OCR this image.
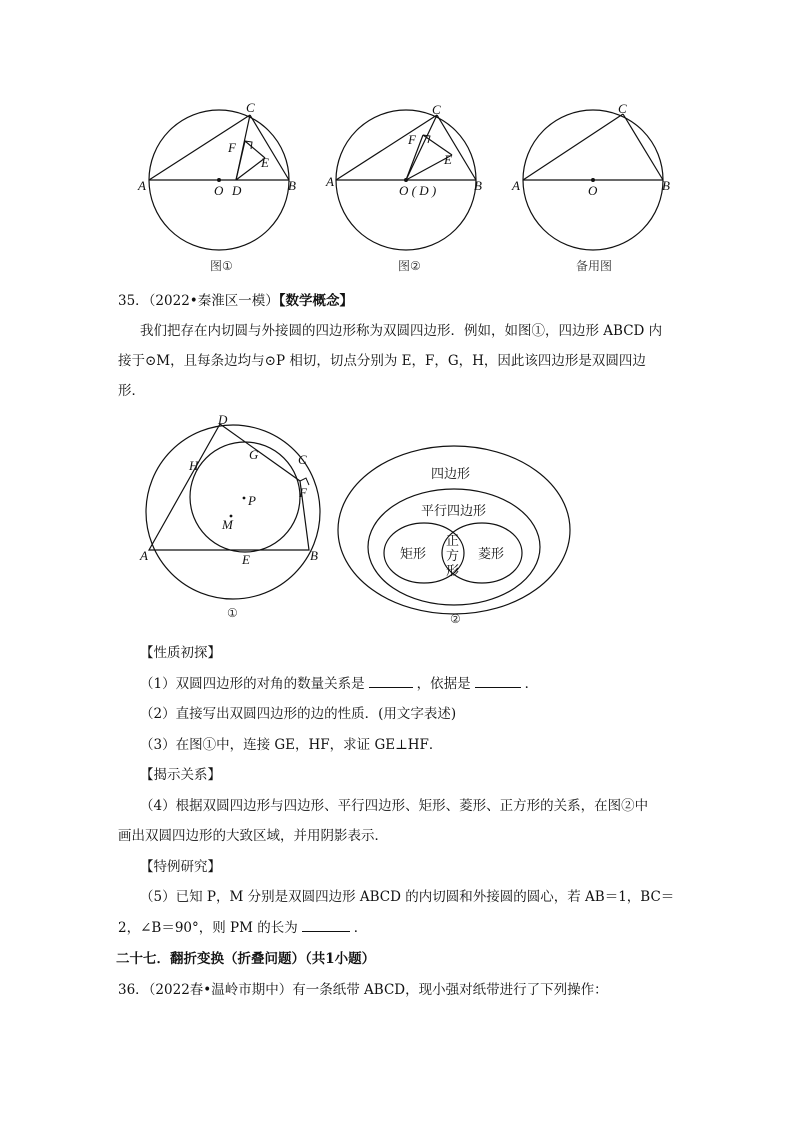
A	B
C
O D
E
F
图①
A	B
C
O ( D )
E
F
图②
A	B
C
O
备用图
35．（2022•秦淮区一模）【数学概念】
我们把存在内切圆与外接圆的四边形称为双圆四边形．例如，如图①，四边形 ABCD 内
接于⊙M，且每条边均与⊙P 相切，切点分别为 E，F，G，H，因此该四边形是双圆四边
形．
A	B
C
D
E
F
G
H
P
M
①
四边形
平行四边形
矩形	菱形
正
方
形
②
【性质初探】
（1）双圆四边形的对角的数量关系是	，依据是	．
（2）直接写出双圆四边形的边的性质．(用文字表述)
（3）在图①中，连接 GE，HF，求证 GE⊥HF．
【揭示关系】
（4）根据双圆四边形与四边形、平行四边形、矩形、菱形、正方形的关系，在图②中
画出双圆四边形的大致区域，并用阴影表示．
【特例研究】
（5）已知 P，M 分别是双圆四边形 ABCD 的内切圆和外接圆的圆心，若 AB＝1，BC＝
2，∠B＝90°，则 PM 的长为	．
二十七．翻折变换（折叠问题）（共1小题）
36．（2022春•温岭市期中）有一条纸带 ABCD，现小强对纸带进行了下列操作：
